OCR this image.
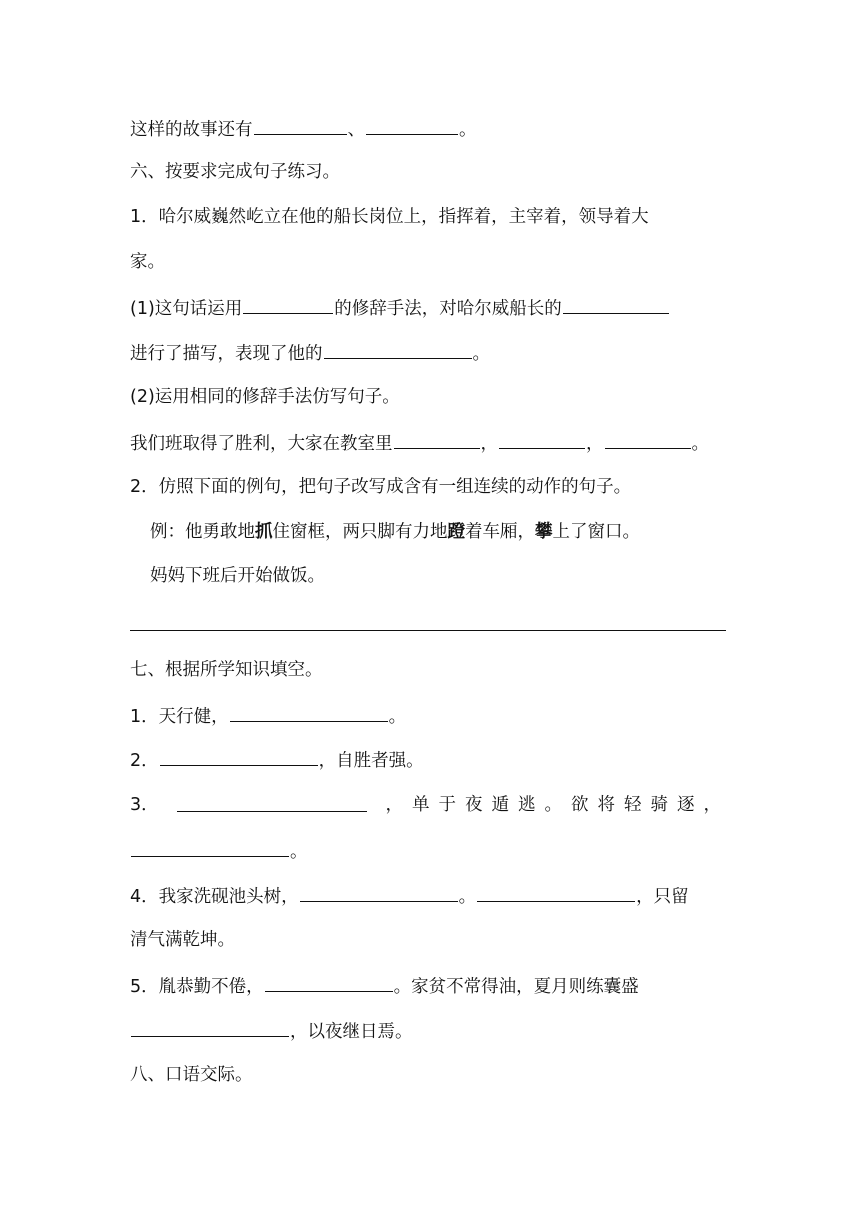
这样的故事还有	、	。
六、按要求完成句子练习。
1．哈尔威巍然屹立在他的船长岗位上，指挥着，主宰着，领导着大
家。
(1)这句话运用	的修辞手法，对哈尔威船长的
进行了描写，表现了他的	。
(2)运用相同的修辞手法仿写句子。
我们班取得了胜利，大家在教室里	，	，	。
2．仿照下面的例句，把句子改写成含有一组连续的动作的句子。
例：他勇敢地抓住窗框，两只脚有力地蹬着车厢，攀上了窗口。
妈妈下班后开始做饭。
七、根据所学知识填空。
1．天行健，	。
2．	，自胜者强。
3．	，单于夜遁逃。欲将轻骑逐，
。
4．我家洗砚池头树，	。	，只留
清气满乾坤。
5．胤恭勤不倦，	。家贫不常得油，夏月则练囊盛
，以夜继日焉。
八、口语交际。
